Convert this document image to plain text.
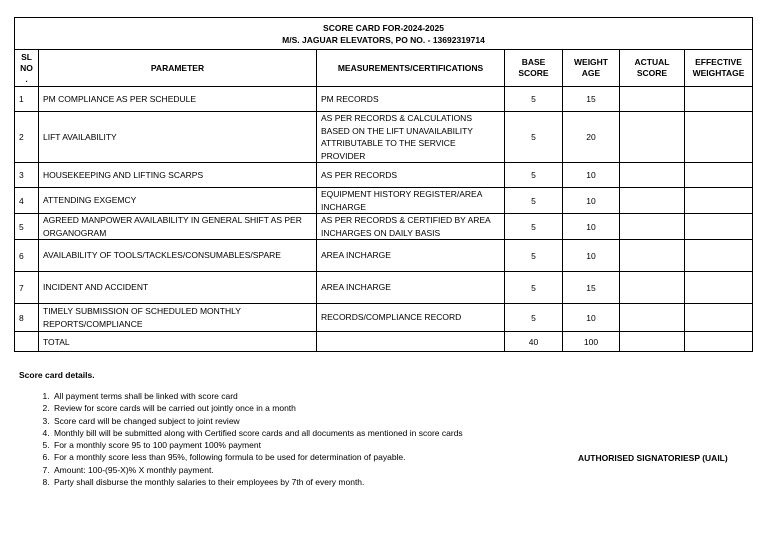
SCORE CARD FOR-2024-2025
M/S. JAGUAR ELEVATORS, PO NO. - 13692319714						

SL NO .	PARAMETER	MEASUREMENTS/CERTIFICATIONS	BASE SCORE	WEIGHT AGE	ACTUAL SCORE	EFFECTIVE WEIGHTAGE
1	PM COMPLIANCE AS PER SCHEDULE	PM RECORDS	5	15		
2	LIFT AVAILABILITY	AS PER RECORDS & CALCULATIONS BASED ON THE LIFT UNAVAILABILITY ATTRIBUTABLE TO THE SERVICE PROVIDER	5	20		
3	HOUSEKEEPING AND LIFTING SCARPS	AS PER RECORDS	5	10		
4	ATTENDING EXGEMCY	EQUIPMENT HISTORY REGISTER/AREA INCHARGE	5	10		
5	AGREED MANPOWER AVAILABILITY IN GENERAL SHIFT AS PER ORGANOGRAM	AS PER RECORDS & CERTIFIED BY AREA INCHARGES ON DAILY BASIS	5	10		
6	AVAILABILITY OF TOOLS/TACKLES/CONSUMABLES/SPARE	AREA INCHARGE	5	10		
7	INCIDENT AND ACCIDENT	AREA INCHARGE	5	15		
8	TIMELY SUBMISSION OF SCHEDULED MONTHLY REPORTS/COMPLIANCE	RECORDS/COMPLIANCE RECORD	5	10		
	TOTAL		40	100		
Score card details.
1. All payment terms shall be linked with score card
2. Review for score cards will be carried out jointly once in a month
3. Score card will be changed subject to joint review
4. Monthly bill will be submitted along with Certified score cards and all documents as mentioned in score cards
5. For a monthly score 95 to 100 payment 100% payment
6. For a monthly score less than 95%, following formula to be used for determination of payable.
7. Amount: 100-(95-X)% X monthly payment.
8. Party shall disburse the monthly salaries to their employees by 7th of every month.
AUTHORISED SIGNATORIESP (UAIL)
